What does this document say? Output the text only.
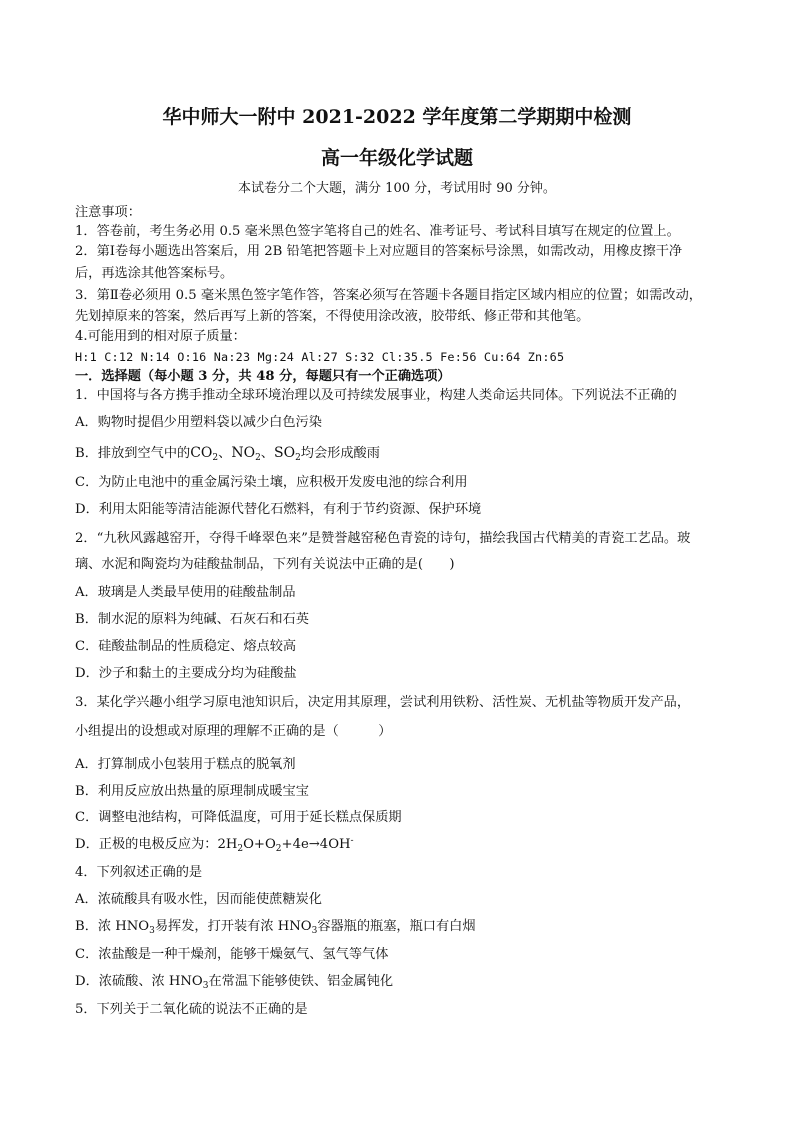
华中师大一附中 2021-2022 学年度第二学期期中检测
高一年级化学试题
本试卷分二个大题，满分 100 分，考试用时 90 分钟。
注意事项：
1．答卷前，考生务必用 0.5 毫米黑色签字笔将自己的姓名、准考证号、考试科目填写在规定的位置上。
2．第Ⅰ卷每小题选出答案后，用 2B 铅笔把答题卡上对应题目的答案标号涂黑，如需改动，用橡皮擦干净
后，再选涂其他答案标号。
3．第Ⅱ卷必须用 0.5 毫米黑色签字笔作答，答案必须写在答题卡各题目指定区域内相应的位置；如需改动，
先划掉原来的答案，然后再写上新的答案，不得使用涂改液，胶带纸、修正带和其他笔。
4.可能用到的相对原子质量：
H:1 C:12 N:14 O:16 Na:23 Mg:24 Al:27 S:32 Cl:35.5 Fe:56 Cu:64 Zn:65
一．选择题（每小题 3 分，共 48 分，每题只有一个正确选项）
1．中国将与各方携手推动全球环境治理以及可持续发展事业，构建人类命运共同体。下列说法不正确的
A．购物时提倡少用塑料袋以减少白色污染
B．排放到空气中的$CO_2$、$NO_2$、$SO_2$均会形成酸雨
C．为防止电池中的重金属污染土壤，应积极开发废电池的综合利用
D．利用太阳能等清洁能源代替化石燃料，有利于节约资源、保护环境
2．“九秋风露越窑开，夺得千峰翠色来”是赞誉越窑秘色青瓷的诗句，描绘我国古代精美的青瓷工艺品。玻
璃、水泥和陶瓷均为硅酸盐制品，下列有关说法中正确的是(　　)
A．玻璃是人类最早使用的硅酸盐制品
B．制水泥的原料为纯碱、石灰石和石英
C．硅酸盐制品的性质稳定、熔点较高
D．沙子和黏土的主要成分均为硅酸盐
3．某化学兴趣小组学习原电池知识后，决定用其原理，尝试利用铁粉、活性炭、无机盐等物质开发产品，
小组提出的设想或对原理的理解不正确的是（　　　）
A．打算制成小包装用于糕点的脱氧剂
B．利用反应放出热量的原理制成暖宝宝
C．调整电池结构，可降低温度，可用于延长糕点保质期
D．正极的电极反应为：$2H_2O+O_2+4e\to 4OH^-$
4．下列叙述正确的是
A．浓硫酸具有吸水性，因而能使蔗糖炭化
B．浓 $HNO_3$易挥发，打开装有浓 $HNO_3$容器瓶的瓶塞，瓶口有白烟
C．浓盐酸是一种干燥剂，能够干燥氨气、氢气等气体
D．浓硫酸、浓 $HNO_3$在常温下能够使铁、铝金属钝化
5．下列关于二氧化硫的说法不正确的是
